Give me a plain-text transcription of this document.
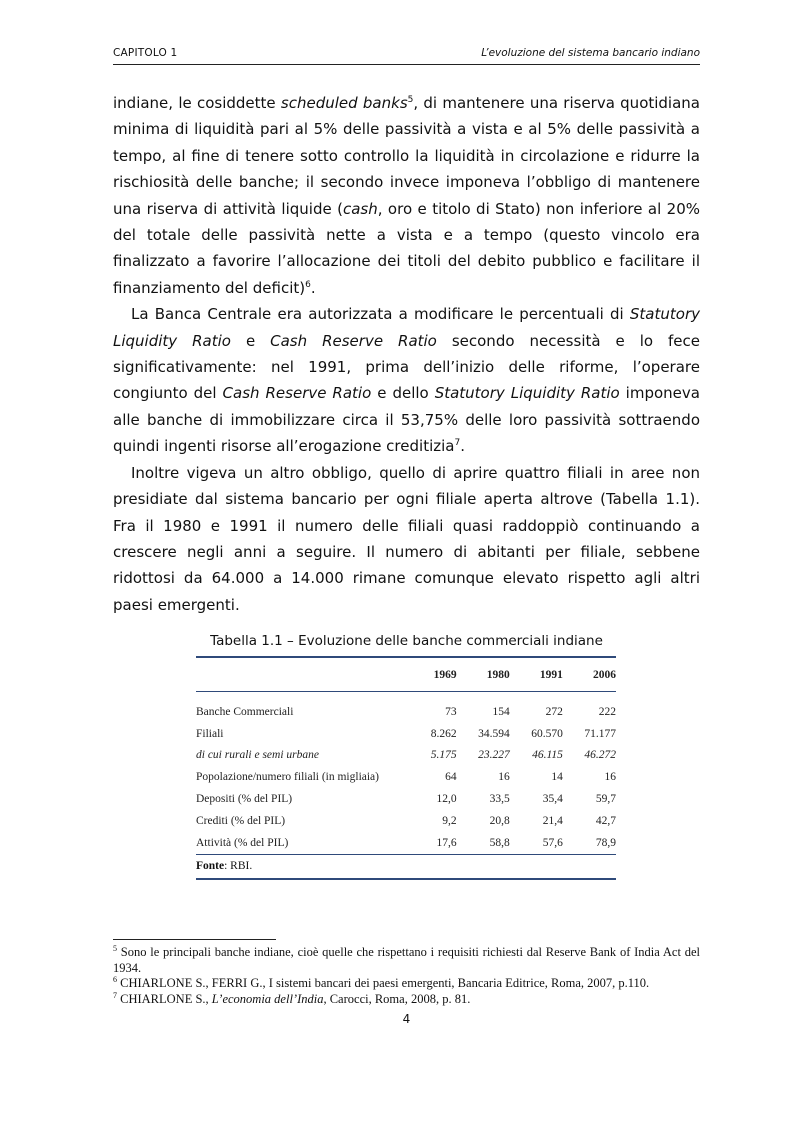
CAPITOLO 1	L’evoluzione del sistema bancario indiano

indiane, le cosiddette scheduled banks$^5$, di mantenere una riserva quotidiana minima di liquidità pari al 5% delle passività a vista e al 5% delle passività a tempo, al fine di tenere sotto controllo la liquidità in circolazione e ridurre la rischiosità delle banche; il secondo invece imponeva l’obbligo di mantenere una riserva di attività liquide (cash, oro e titolo di Stato) non inferiore al 20% del totale delle passività nette a vista e a tempo (questo vincolo era finalizzato a favorire l’allocazione dei titoli del debito pubblico e facilitare il finanziamento del deficit)$^6$.

La Banca Centrale era autorizzata a modificare le percentuali di Statutory Liquidity Ratio e Cash Reserve Ratio secondo necessità e lo fece significativamente: nel 1991, prima dell’inizio delle riforme, l’operare congiunto del Cash Reserve Ratio e dello Statutory Liquidity Ratio imponeva alle banche di immobilizzare circa il 53,75% delle loro passività sottraendo quindi ingenti risorse all’erogazione creditizia$^7$.

Inoltre vigeva un altro obbligo, quello di aprire quattro filiali in aree non presidiate dal sistema bancario per ogni filiale aperta altrove (Tabella 1.1). Fra il 1980 e 1991 il numero delle filiali quasi raddoppiò continuando a crescere negli anni a seguire. Il numero di abitanti per filiale, sebbene ridottosi da 64.000 a 14.000 rimane comunque elevato rispetto agli altri paesi emergenti.

Tabella 1.1 – Evoluzione delle banche commerciali indiane
	1969	1980	1991	2006

Banche Commerciali	73	154	272	222
Filiali	8.262	34.594	60.570	71.177
di cui rurali e semi urbane	5.175	23.227	46.115	46.272
Popolazione/numero filiali (in migliaia)	64	16	14	16
Depositi (% del PIL)	12,0	33,5	35,4	59,7
Crediti (% del PIL)	9,2	20,8	21,4	42,7
Attività (% del PIL)	17,6	58,8	57,6	78,9
Fonte: RBI.

$^5$ Sono le principali banche indiane, cioè quelle che rispettano i requisiti richiesti dal Reserve Bank of India Act del 1934.

$^6$ CHIARLONE S., FERRI G., I sistemi bancari dei paesi emergenti, Bancaria Editrice, Roma, 2007, p.110.

$^7$ CHIARLONE S., L’economia dell’India, Carocci, Roma, 2008, p. 81.

4
